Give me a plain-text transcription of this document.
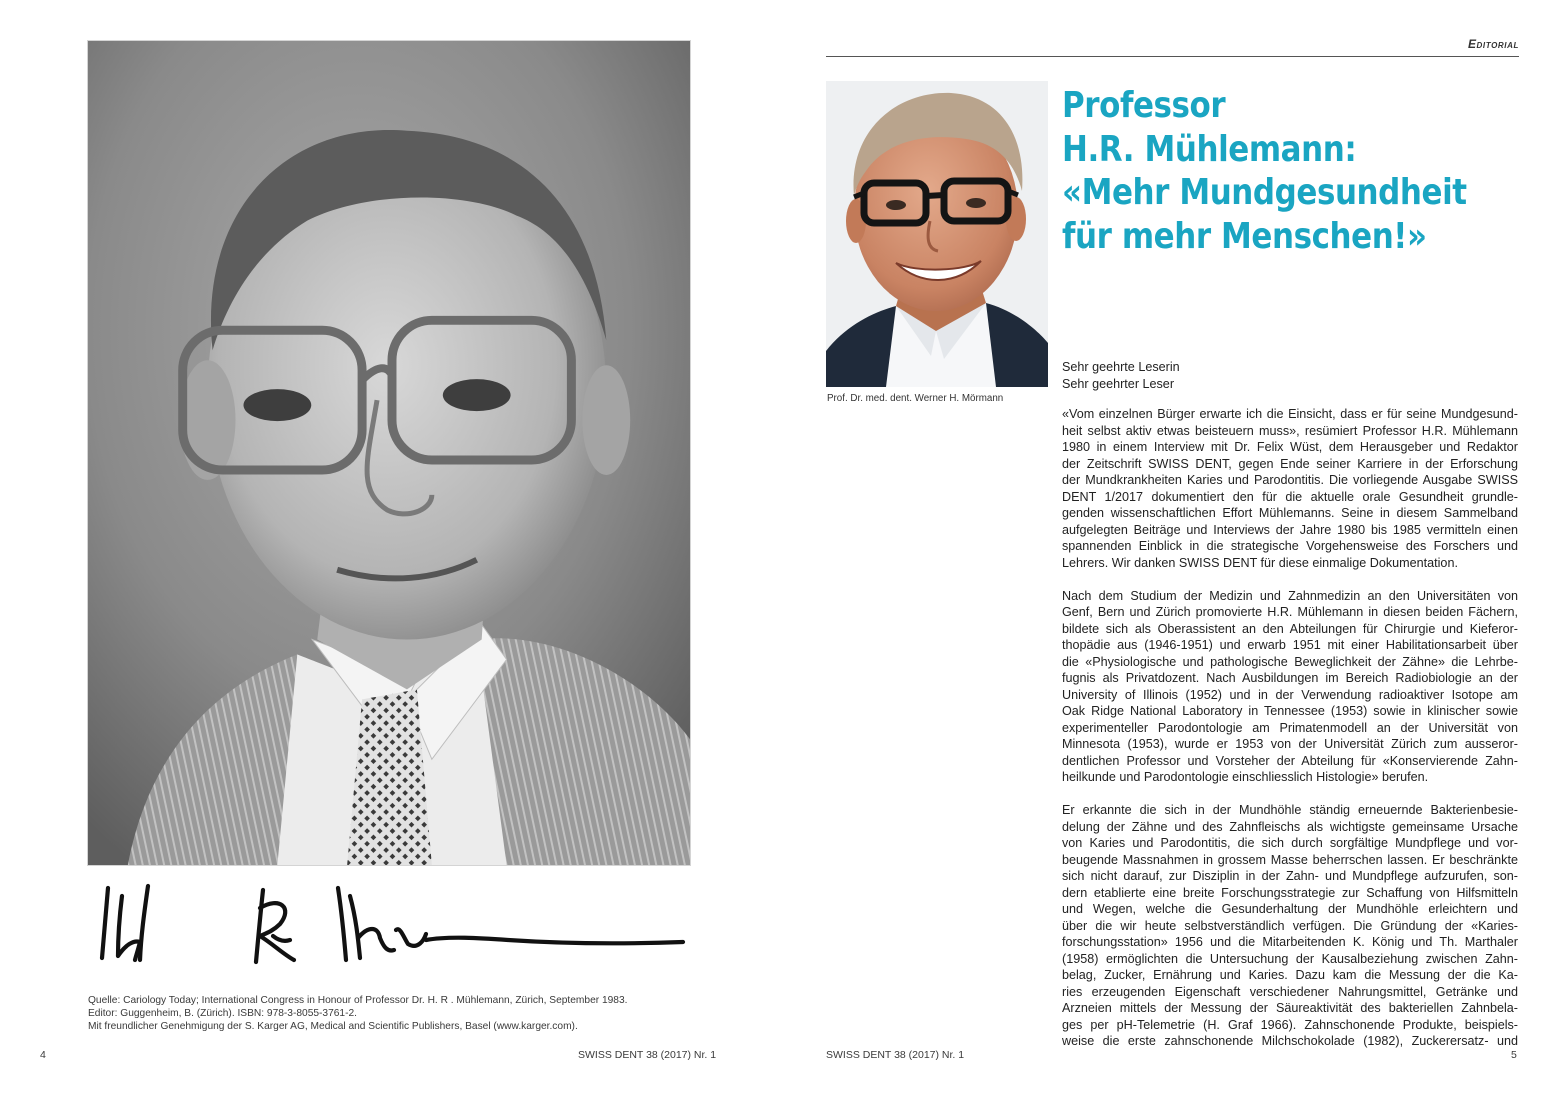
Quelle: Cariology Today; International Congress in Honour of Professor Dr. H. R . Mühlemann, Zürich, September 1983.
Editor: Guggenheim, B. (Zürich). ISBN: 978-3-8055-3761-2.
Mit freundlicher Genehmigung der S. Karger AG, Medical and Scientific Publishers, Basel (www.karger.com).
4	SWISS DENT 38 (2017) Nr. 1
Editorial
Prof. Dr. med. dent. Werner H. Mörmann
Professor
H.R. Mühlemann:
«Mehr Mundgesundheit
für mehr Menschen!»
Sehr geehrte Leserin
Sehr geehrter Leser
«Vom einzelnen Bürger erwarte ich die Einsicht, dass er für seine Mundgesund-
heit selbst aktiv etwas beisteuern muss», resümiert Professor H.R. Mühlemann
1980 in einem Interview mit Dr. Felix Wüst, dem Herausgeber und Redaktor
der Zeitschrift SWISS DENT, gegen Ende seiner Karriere in der Erforschung
der Mundkrankheiten Karies und Parodontitis. Die vorliegende Ausgabe SWISS
DENT 1/2017 dokumentiert den für die aktuelle orale Gesundheit grundle-
genden wissenschaftlichen Effort Mühlemanns. Seine in diesem Sammelband
aufgelegten Beiträge und Interviews der Jahre 1980 bis 1985 vermitteln einen
spannenden Einblick in die strategische Vorgehensweise des Forschers und
Lehrers. Wir danken SWISS DENT für diese einmalige Dokumentation.
Nach dem Studium der Medizin und Zahnmedizin an den Universitäten von
Genf, Bern und Zürich promovierte H.R. Mühlemann in diesen beiden Fächern,
bildete sich als Oberassistent an den Abteilungen für Chirurgie und Kieferor-
thopädie aus (1946-1951) und erwarb 1951 mit einer Habilitationsarbeit über
die «Physiologische und pathologische Beweglichkeit der Zähne» die Lehrbe-
fugnis als Privatdozent. Nach Ausbildungen im Bereich Radiobiologie an der
University of Illinois (1952) und in der Verwendung radioaktiver Isotope am
Oak Ridge National Laboratory in Tennessee (1953) sowie in klinischer sowie
experimenteller Parodontologie am Primatenmodell an der Universität von
Minnesota (1953), wurde er 1953 von der Universität Zürich zum ausseror-
dentlichen Professor und Vorsteher der Abteilung für «Konservierende Zahn-
heilkunde und Parodontologie einschliesslich Histologie» berufen.
Er erkannte die sich in der Mundhöhle ständig erneuernde Bakterienbesie-
delung der Zähne und des Zahnfleischs als wichtigste gemeinsame Ursache
von Karies und Parodontitis, die sich durch sorgfältige Mundpflege und vor-
beugende Massnahmen in grossem Masse beherrschen lassen. Er beschränkte
sich nicht darauf, zur Disziplin in der Zahn- und Mundpflege aufzurufen, son-
dern etablierte eine breite Forschungsstrategie zur Schaffung von Hilfsmitteln
und Wegen, welche die Gesunderhaltung der Mundhöhle erleichtern und
über die wir heute selbstverständlich verfügen. Die Gründung der «Karies-
forschungsstation» 1956 und die Mitarbeitenden K. König und Th. Marthaler
(1958) ermöglichten die Untersuchung der Kausalbeziehung zwischen Zahn-
belag, Zucker, Ernährung und Karies. Dazu kam die Messung der die Ka-
ries erzeugenden Eigenschaft verschiedener Nahrungsmittel, Getränke und
Arzneien mittels der Messung der Säureaktivität des bakteriellen Zahnbela-
ges per pH-Telemetrie (H. Graf 1966). Zahnschonende Produkte, beispiels-
weise die erste zahnschonende Milchschokolade (1982), Zuckerersatz- und
SWISS DENT 38 (2017) Nr. 1	5
